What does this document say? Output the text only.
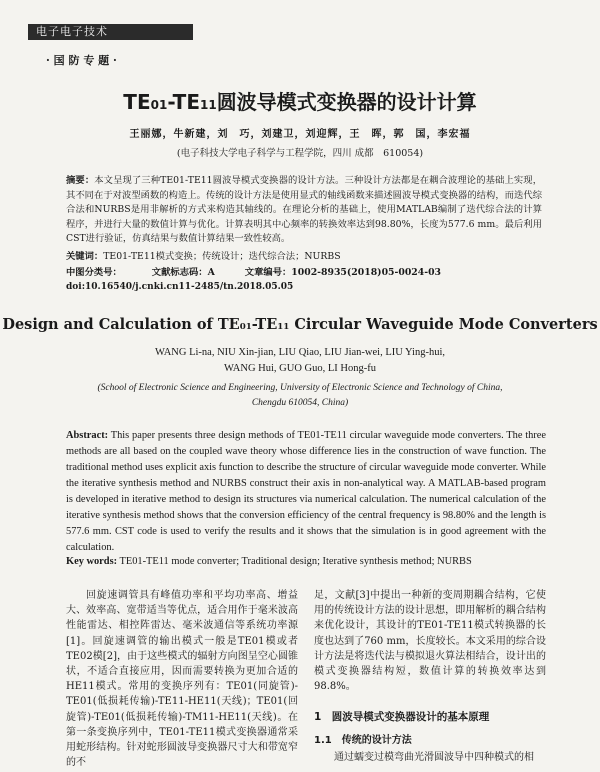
电子电子技术
· 国 防 专 题 ·
TE01-TE11圆波导模式变换器的设计计算
王丽娜，牛新建，刘　巧，刘建卫，刘迎辉，王　晖，郭　国，李宏福
(电子科技大学电子科学与工程学院，四川 成都　610054)
摘要：本文呈现了三种TE01-TE11圆波导模式变换器的设计方法。三种设计方法都是在耦合波理论的基础上实现，其不同在于对波型函数的构造上。传统的设计方法是使用显式的轴线函数来描述圆波导模式变换器的结构，而迭代综合法和NURBS是用非解析的方式来构造其轴线的。在理论分析的基础上，使用MATLAB编制了迭代综合法的计算程序，并进行大量的数值计算与优化。计算表明其中心频率的转换效率达到98.80%，长度为577.6 mm。最后利用CST进行验证，仿真结果与数值计算结果一致性较高。
关键词：TE01-TE11模式变换；传统设计；迭代综合法；NURBS
中图分类号：	文献标志码：A	文章编号：1002-8935(2018)05-0024-03
doi:10.16540/j.cnki.cn11-2485/tn.2018.05.05
Design and Calculation of TE01-TE11 Circular Waveguide Mode Converters
WANG Li-na, NIU Xin-jian, LIU Qiao, LIU Jian-wei, LIU Ying-hui,
WANG Hui, GUO Guo, LI Hong-fu
(School of Electronic Science and Engineering, University of Electronic Science and Technology of China,
Chengdu 610054, China)
Abstract: This paper presents three design methods of TE01-TE11 circular waveguide mode converters. The three methods are all based on the coupled wave theory whose difference lies in the construction of wave function. The traditional method uses explicit axis function to describe the structure of circular waveguide mode converter. While the iterative synthesis method and NURBS construct their axis in non-analytical way. A MATLAB-based program is developed in iterative method to design its structures via numerical calculation. The numerical calculation of the iterative synthesis method shows that the conversion efficiency of the central frequency is 98.80% and the length is 577.6 mm. CST code is used to verify the results and it shows that the simulation is in good agreement with the calculation.
Key words: TE01-TE11 mode converter; Traditional design; Iterative synthesis method; NURBS
回旋速调管具有峰值功率和平均功率高、增益大、效率高、宽带适当等优点，适合用作于毫米波高性能雷达、相控阵雷达、毫米波通信等系统功率源[1]。回旋速调管的输出模式一般是TE01模或者TE02模[2]，由于这些模式的辐射方向图呈空心圆锥状，不适合直接应用，因而需要转换为更加合适的HE11模式。常用的变换序列有：TE01(同旋管)-TE01(低损耗传输)-TE11-HE11(天线)；TE01(回旋管)-TE01(低损耗传输)-TM11-HE11(天线)。在第一条变换序列中，TE01-TE11模式变换器通常采用蛇形结构。针对蛇形圆波导变换器尺寸大和带宽窄的不
足，文献[3]中提出一种新的变周期耦合结构，它使用的传统设计方法的设计思想，即用解析的耦合结构来优化设计，其设计的TE01-TE11模式转换器的长度也达到了760 mm，长度较长。本文采用的综合设计方法是将迭代法与模拟退火算法相结合，设计出的模式变换器结构短，数值计算的转换效率达到98.8%。
1　圆波导模式变换器设计的基本原理
1.1　传统的设计方法
通过蠕变过模弯曲光滑圆波导中四种模式的相
